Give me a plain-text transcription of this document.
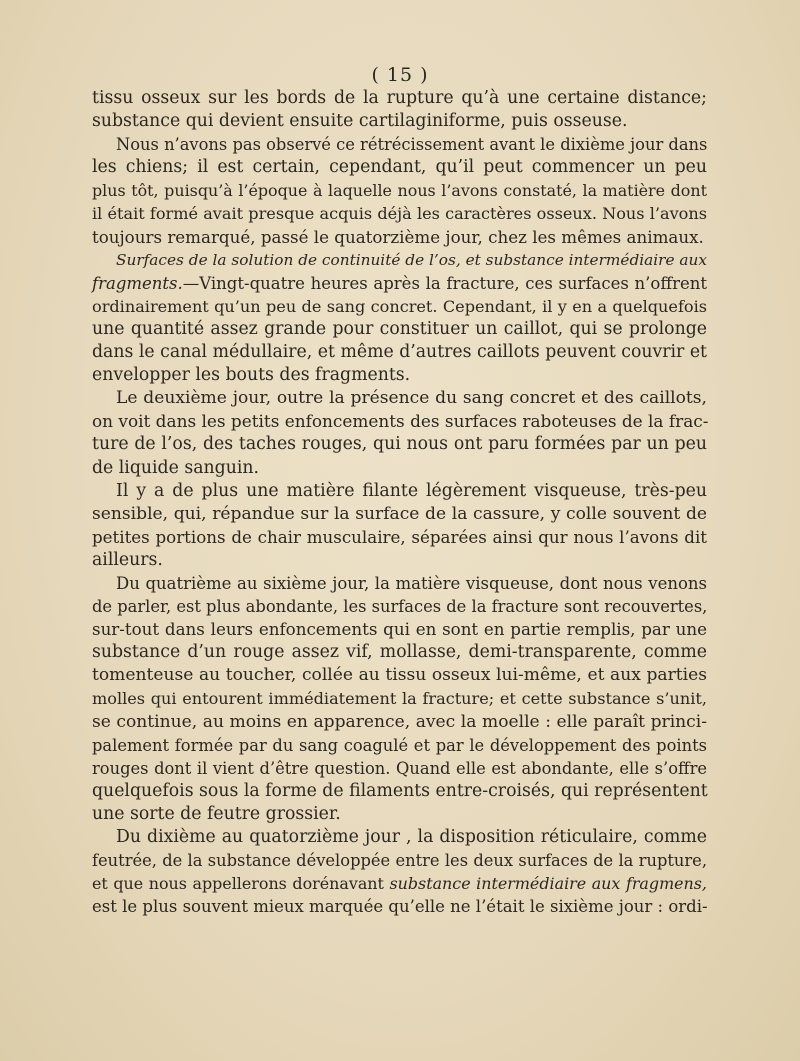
( 15 )
tissu osseux sur les bords de la rupture qu’à une certaine distance;
substance qui devient ensuite cartilaginiforme, puis osseuse.
Nous n’avons pas observé ce rétrécissement avant le dixième jour dans
les chiens; il est certain, cependant, qu’il peut commencer un peu
plus tôt, puisqu’à l’époque à laquelle nous l’avons constaté, la matière dont
il était formé avait presque acquis déjà les caractères osseux. Nous l’avons
toujours remarqué, passé le quatorzième jour, chez les mêmes animaux.
Surfaces de la solution de continuité de l’os, et substance intermédiaire aux
fragments.—Vingt-quatre heures après la fracture, ces surfaces n’offrent
ordinairement qu’un peu de sang concret. Cependant, il y en a quelquefois
une quantité assez grande pour constituer un caillot, qui se prolonge
dans le canal médullaire, et même d’autres caillots peuvent couvrir et
envelopper les bouts des fragments.
Le deuxième jour, outre la présence du sang concret et des caillots,
on voit dans les petits enfoncements des surfaces raboteuses de la frac-
ture de l’os, des taches rouges, qui nous ont paru formées par un peu
de liquide sanguin.
Il y a de plus une matière filante légèrement visqueuse, très-peu
sensible, qui, répandue sur la surface de la cassure, y colle souvent de
petites portions de chair musculaire, séparées ainsi qur nous l’avons dit
ailleurs.
Du quatrième au sixième jour, la matière visqueuse, dont nous venons
de parler, est plus abondante, les surfaces de la fracture sont recouvertes,
sur-tout dans leurs enfoncements qui en sont en partie remplis, par une
substance d’un rouge assez vif, mollasse, demi-transparente, comme
tomenteuse au toucher, collée au tissu osseux lui-même, et aux parties
molles qui entourent immédiatement la fracture; et cette substance s’unit,
se continue, au moins en apparence, avec la moelle : elle paraît princi-
palement formée par du sang coagulé et par le développement des points
rouges dont il vient d’être question. Quand elle est abondante, elle s’offre
quelquefois sous la forme de filaments entre-croisés, qui représentent
une sorte de feutre grossier.
Du dixième au quatorzième jour , la disposition réticulaire, comme
feutrée, de la substance développée entre les deux surfaces de la rupture,
et que nous appellerons dorénavant substance intermédiaire aux fragmens,
est le plus souvent mieux marquée qu’elle ne l’était le sixième jour : ordi-
